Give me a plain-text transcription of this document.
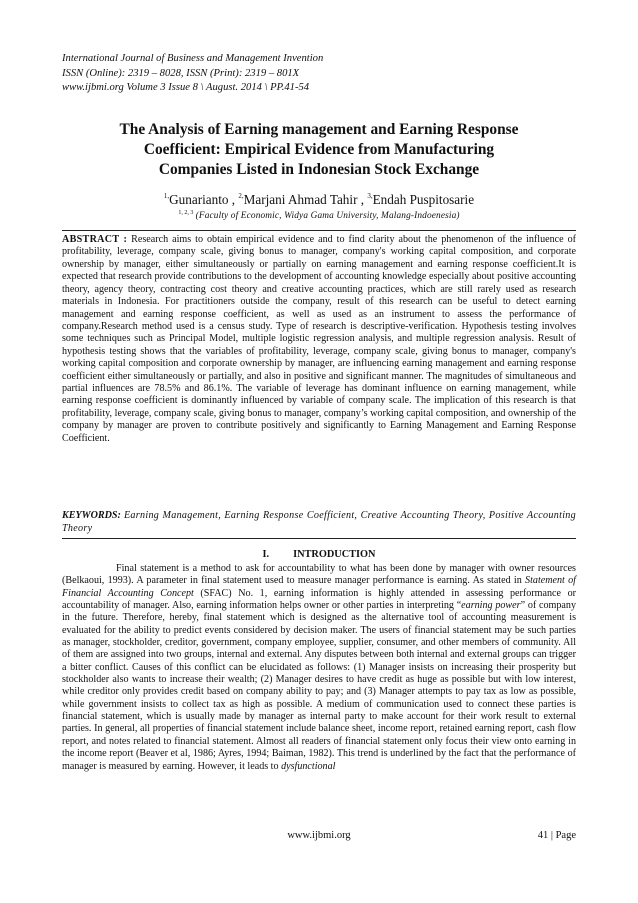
International Journal of Business and Management Invention
ISSN (Online): 2319 – 8028, ISSN (Print): 2319 – 801X
www.ijbmi.org Volume 3 Issue 8 \ August. 2014 \ PP.41-54
The Analysis of Earning management and Earning Response
Coefficient: Empirical Evidence from Manufacturing
Companies Listed in Indonesian Stock Exchange
$^{1,}$Gunarianto , $^{2,}$Marjani Ahmad Tahir , $^{3,}$Endah Puspitosarie
$^{1, 2, 3}$ (Faculty of Economic, Widya Gama University, Malang-Indoenesia)
ABSTRACT : Research aims to obtain empirical evidence and to find clarity about the phenomenon of the influence of profitability, leverage, company scale, giving bonus to manager, company's working capital composition, and corporate ownership by manager, either simultaneously or partially on earning management and earning response coefficient.It is expected that research provide contributions to the development of accounting knowledge especially about positive accounting theory, agency theory, contracting cost theory and creative accounting practices, which are still rarely used as research materials in Indonesia. For practitioners outside the company, result of this research can be useful to detect earning management and earning response coefficient, as well as used as an instrument to assess the performance of company.Research method used is a census study. Type of research is descriptive-verification. Hypothesis testing involves some techniques such as Principal Model, multiple logistic regression analysis, and multiple regression analysis. Result of hypothesis testing shows that the variables of profitability, leverage, company scale, giving bonus to manager, company's working capital composition and corporate ownership by manager, are influencing earning management and earning response coefficient either simultaneously or partially, and also in positive and significant manner. The magnitudes of simultaneous and partial influences are 78.5% and 86.1%. The variable of leverage has dominant influence on earning management, while earning response coefficient is dominantly influenced by variable of company scale. The implication of this research is that profitability, leverage, company scale, giving bonus to manager, company’s working capital composition, and ownership of the company by manager are proven to contribute positively and significantly to Earning Management and Earning Response Coefficient.
KEYWORDS: Earning Management, Earning Response Coefficient, Creative Accounting Theory, Positive Accounting Theory
I. INTRODUCTION

Final statement is a method to ask for accountability to what has been done by manager with owner resources (Belkaoui, 1993). A parameter in final statement used to measure manager performance is earning. As stated in Statement of Financial Accounting Concept (SFAC) No. 1, earning information is highly attended in assessing performance or accountability of manager. Also, earning information helps owner or other parties in interpreting “earning power” of company in the future. Therefore, hereby, final statement which is designed as the alternative tool of accounting measurement is evaluated for the ability to predict events considered by decision maker. The users of financial statement may be such parties as manager, stockholder, creditor, government, company employee, supplier, consumer, and other members of community. All of them are assigned into two groups, internal and external. Any disputes between both internal and external groups can trigger a bitter conflict. Causes of this conflict can be elucidated as follows: (1) Manager insists on increasing their prosperity but stockholder also wants to increase their wealth; (2) Manager desires to have credit as huge as possible but with low interest, while creditor only provides credit based on company ability to pay; and (3) Manager attempts to pay tax as low as possible, while government insists to collect tax as high as possible. A medium of communication used to connect these parties is financial statement, which is usually made by manager as internal party to make account for their work result to external parties. In general, all properties of financial statement include balance sheet, income report, retained earning report, cash flow report, and notes related to financial statement. Almost all readers of financial statement only focus their view onto earning in the income report (Beaver et al, 1986; Ayres, 1994; Baiman, 1982). This trend is underlined by the fact that the performance of manager is measured by earning. However, it leads to dysfunctional

www.ijbmi.org	41 | Page
